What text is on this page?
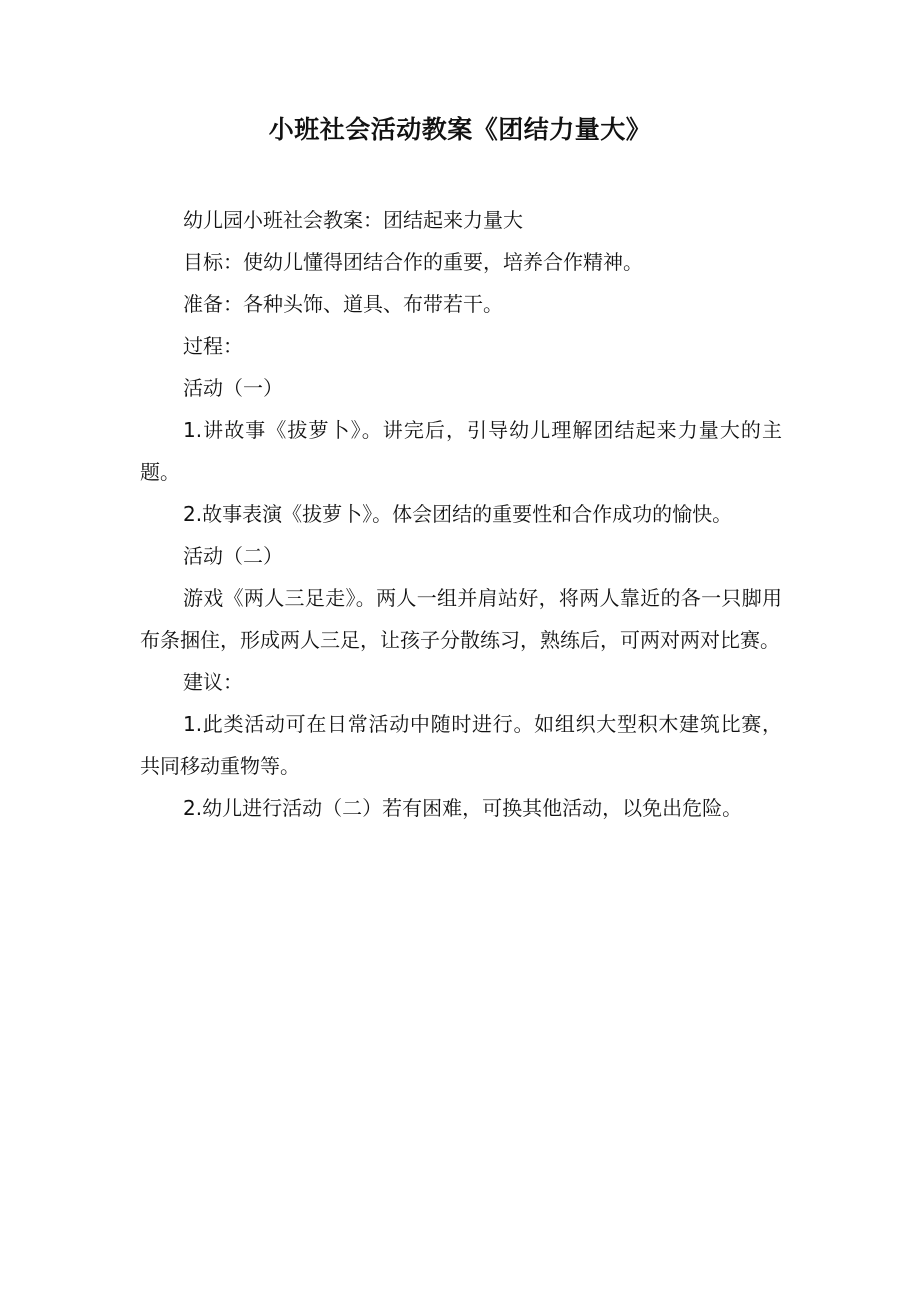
小班社会活动教案《团结力量大》

幼儿园小班社会教案：团结起来力量大

目标：使幼儿懂得团结合作的重要，培养合作精神。

准备：各种头饰、道具、布带若干。

过程：

活动（一）

1.讲故事《拔萝卜》。讲完后，引导幼儿理解团结起来力量大的主题。

2.故事表演《拔萝卜》。体会团结的重要性和合作成功的愉快。

活动（二）

游戏《两人三足走》。两人一组并肩站好，将两人靠近的各一只脚用布条捆住，形成两人三足，让孩子分散练习，熟练后，可两对两对比赛。

建议：

1.此类活动可在日常活动中随时进行。如组织大型积木建筑比赛，共同移动重物等。

2.幼儿进行活动（二）若有困难，可换其他活动，以免出危险。
